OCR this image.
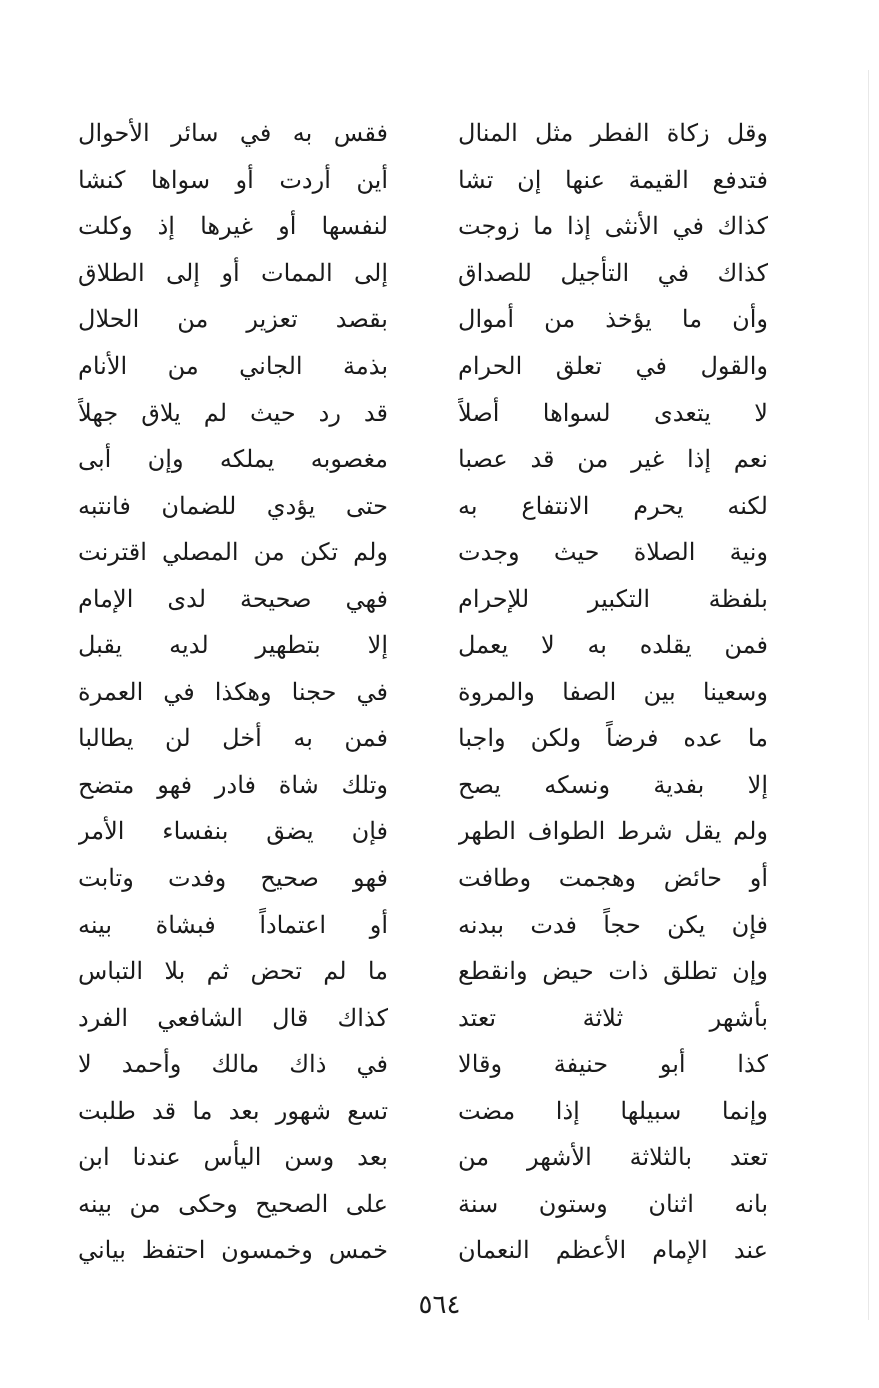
وقل زكاة الفطر مثل المنال
فقس به في سائر الأحوال
فتدفع القيمة عنها إن تشا
أين أردت أو سواها كنشا
كذاك في الأنثى إذا ما زوجت
لنفسها أو غيرها إذ وكلت
كذاك في التأجيل للصداق
إلى الممات أو إلى الطلاق
وأن ما يؤخذ من أموال
بقصد تعزير من الحلال
والقول في تعلق الحرام
بذمة الجاني من الأنام
لا يتعدى لسواها أصلاً
قد رد حيث لم يلاق جهلاً
نعم إذا غير من قد عصبا
مغصوبه يملكه وإن أبى
لكنه يحرم الانتفاع به
حتى يؤدي للضمان فانتبه
ونية الصلاة حيث وجدت
ولم تكن من المصلي اقترنت
بلفظة التكبير للإحرام
فهي صحيحة لدى الإمام
فمن يقلده به لا يعمل
إلا بتطهير لديه يقبل
وسعينا بين الصفا والمروة
في حجنا وهكذا في العمرة
ما عده فرضاً ولكن واجبا
فمن به أخل لن يطالبا
إلا بفدية ونسكه يصح
وتلك شاة فادر فهو متضح
ولم يقل شرط الطواف الطهر
فإن يضق بنفساء الأمر
أو حائض وهجمت وطافت
فهو صحيح وفدت وتابت
فإن يكن حجاً فدت ببدنه
أو اعتماداً فبشاة بينه
وإن تطلق ذات حيض وانقطع
ما لم تحض ثم بلا التباس
بأشهر ثلاثة تعتد
كذاك قال الشافعي الفرد
كذا أبو حنيفة وقالا
في ذاك مالك وأحمد لا
وإنما سبيلها إذا مضت
تسع شهور بعد ما قد طلبت
تعتد بالثلاثة الأشهر من
بعد وسن اليأس عندنا ابن
بانه اثنان وستون سنة
على الصحيح وحكى من بينه
عند الإمام الأعظم النعمان
خمس وخمسون احتفظ بياني
٥٦٤
